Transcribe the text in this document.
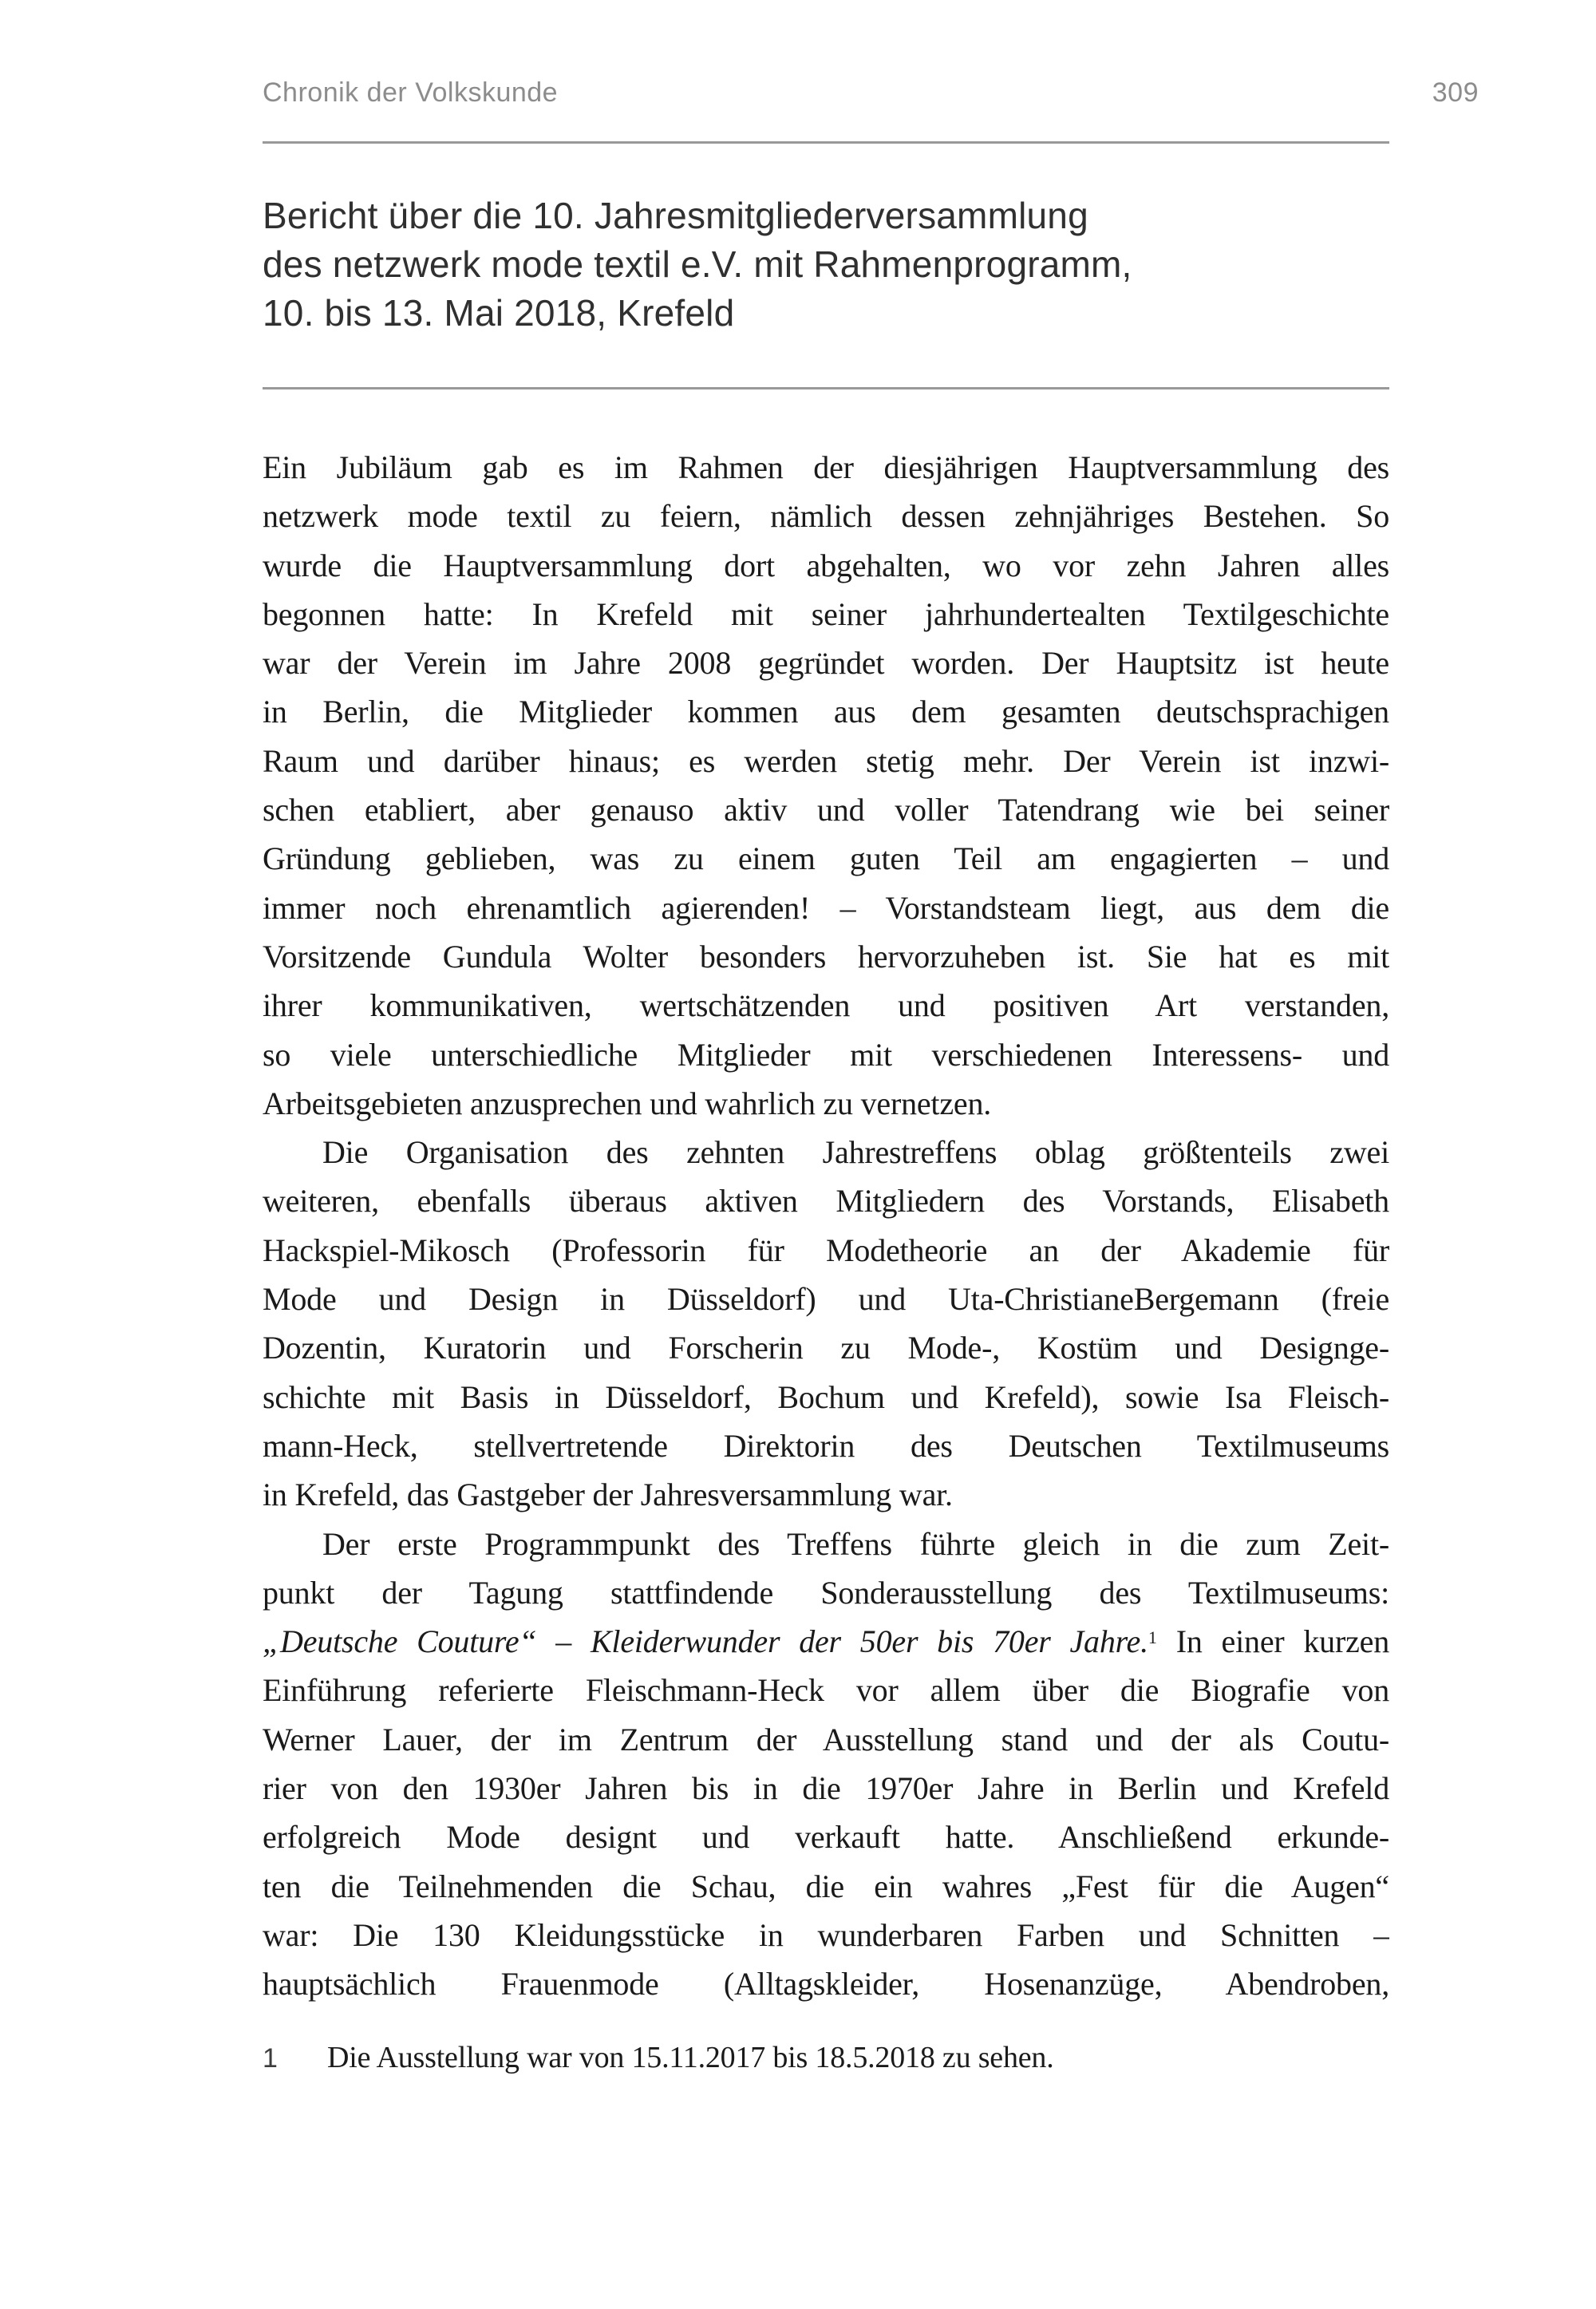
Chronik der Volkskunde	309
Bericht über die 10. Jahresmitgliederversammlung
des netzwerk mode textil e.V. mit Rahmenprogramm,
10. bis 13. Mai 2018, Krefeld
Ein Jubiläum gab es im Rahmen der diesjährigen Hauptversammlung des
netzwerk mode textil zu feiern, nämlich dessen zehnjähriges Bestehen. So
wurde die Hauptversammlung dort abgehalten, wo vor zehn Jahren alles
begonnen hatte: In Krefeld mit seiner jahrhundertealten Textilgeschichte
war der Verein im Jahre 2008 gegründet worden. Der Hauptsitz ist heute
in Berlin, die Mitglieder kommen aus dem gesamten deutschsprachigen
Raum und darüber hinaus; es werden stetig mehr. Der Verein ist inzwi-
schen etabliert, aber genauso aktiv und voller Tatendrang wie bei seiner
Gründung geblieben, was zu einem guten Teil am engagierten – und
immer noch ehrenamtlich agierenden! – Vorstandsteam liegt, aus dem die
Vorsitzende Gundula Wolter besonders hervorzuheben ist. Sie hat es mit
ihrer kommunikativen, wertschätzenden und positiven Art verstanden,
so viele unterschiedliche Mitglieder mit verschiedenen Interessens- und
Arbeitsgebieten anzusprechen und wahrlich zu vernetzen.
Die Organisation des zehnten Jahrestreffens oblag größtenteils zwei
weiteren, ebenfalls überaus aktiven Mitgliedern des Vorstands, Elisabeth
Hackspiel-Mikosch (Professorin für Modetheorie an der Akademie für
Mode und Design in Düsseldorf) und Uta-ChristianeBergemann (freie
Dozentin, Kuratorin und Forscherin zu Mode-, Kostüm und Designge-
schichte mit Basis in Düsseldorf, Bochum und Krefeld), sowie Isa Fleisch-
mann-Heck, stellvertretende Direktorin des Deutschen Textilmuseums
in Krefeld, das Gastgeber der Jahresversammlung war.
Der erste Programmpunkt des Treffens führte gleich in die zum Zeit-
punkt der Tagung stattfindende Sonderausstellung des Textilmuseums:
„Deutsche Couture“ – Kleiderwunder der 50er bis 70er Jahre.$^1$ In einer kurzen
Einführung referierte Fleischmann-Heck vor allem über die Biografie von
Werner Lauer, der im Zentrum der Ausstellung stand und der als Coutu-
rier von den 1930er Jahren bis in die 1970er Jahre in Berlin und Krefeld
erfolgreich Mode designt und verkauft hatte. Anschließend erkunde-
ten die Teilnehmenden die Schau, die ein wahres „Fest für die Augen“
war: Die 130 Kleidungsstücke in wunderbaren Farben und Schnitten –
hauptsächlich Frauenmode (Alltagskleider, Hosenanzüge, Abendroben,
1	Die Ausstellung war von 15.11.2017 bis 18.5.2018 zu sehen.
